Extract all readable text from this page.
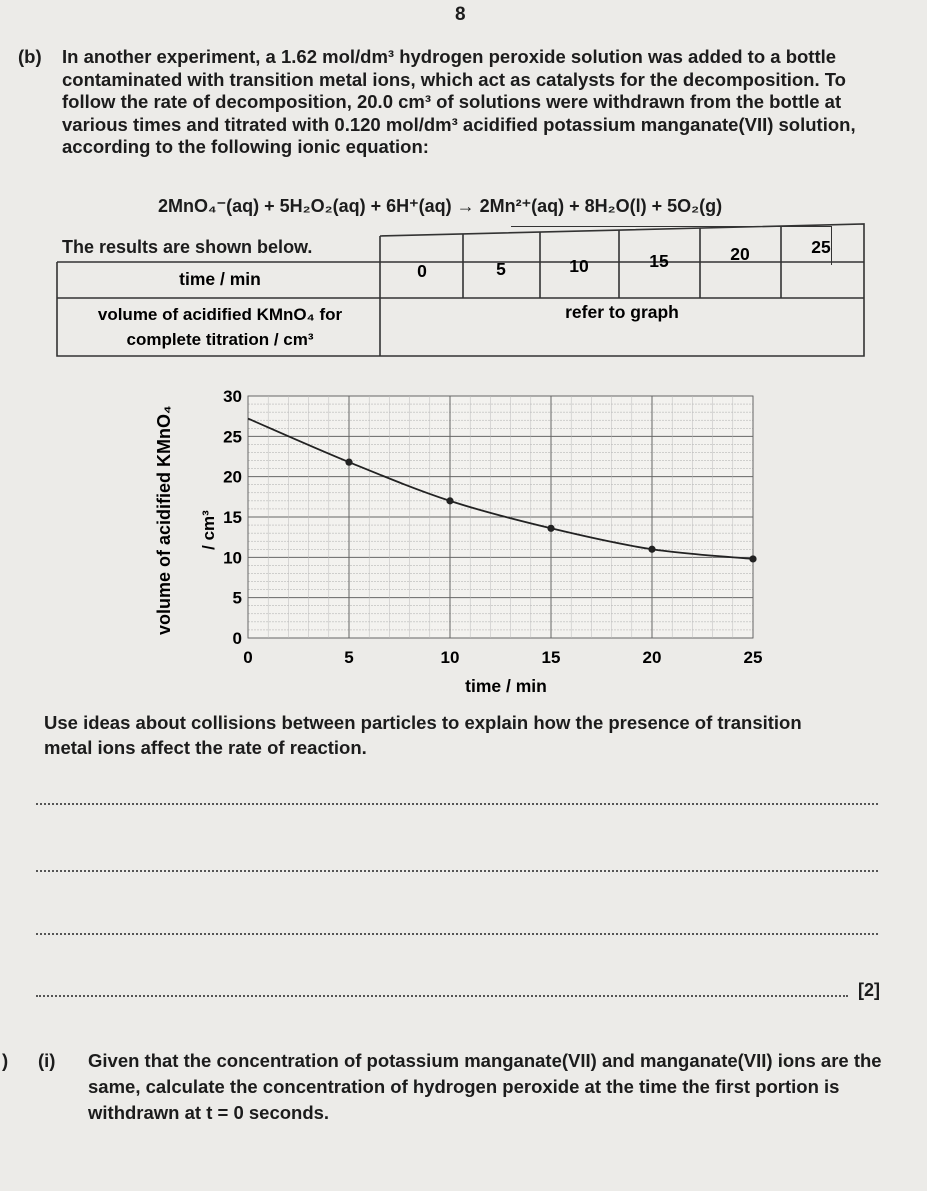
8
(b) In another experiment, a 1.62 mol/dm³ hydrogen peroxide solution was added to a bottle contaminated with transition metal ions, which act as catalysts for the decomposition. To follow the rate of decomposition, 20.0 cm³ of solutions were withdrawn from the bottle at various times and titrated with 0.120 mol/dm³ acidified potassium manganate(VII) solution, according to the following ionic equation:
2MnO₄⁻(aq) + 5H₂O₂(aq) + 6H⁺(aq) → 2Mn²⁺(aq) + 8H₂O(l) + 5O₂(g)
The results are shown below.

time / min	0	5	10	15	20	25
volume of acidified KMnO₄ for
complete titration / cm³
refer to graph
0	5	10	15	20	25
0
5
10
15
20
25
30
time / min
volume of acidified KMnO₄ / cm³
Use ideas about collisions between particles to explain how the presence of transition
metal ions affect the rate of reaction.
[2]
) (i) Given that the concentration of potassium manganate(VII) and manganate(VII) ions are the same, calculate the concentration of hydrogen peroxide at the time the first portion is withdrawn at t = 0 seconds.
